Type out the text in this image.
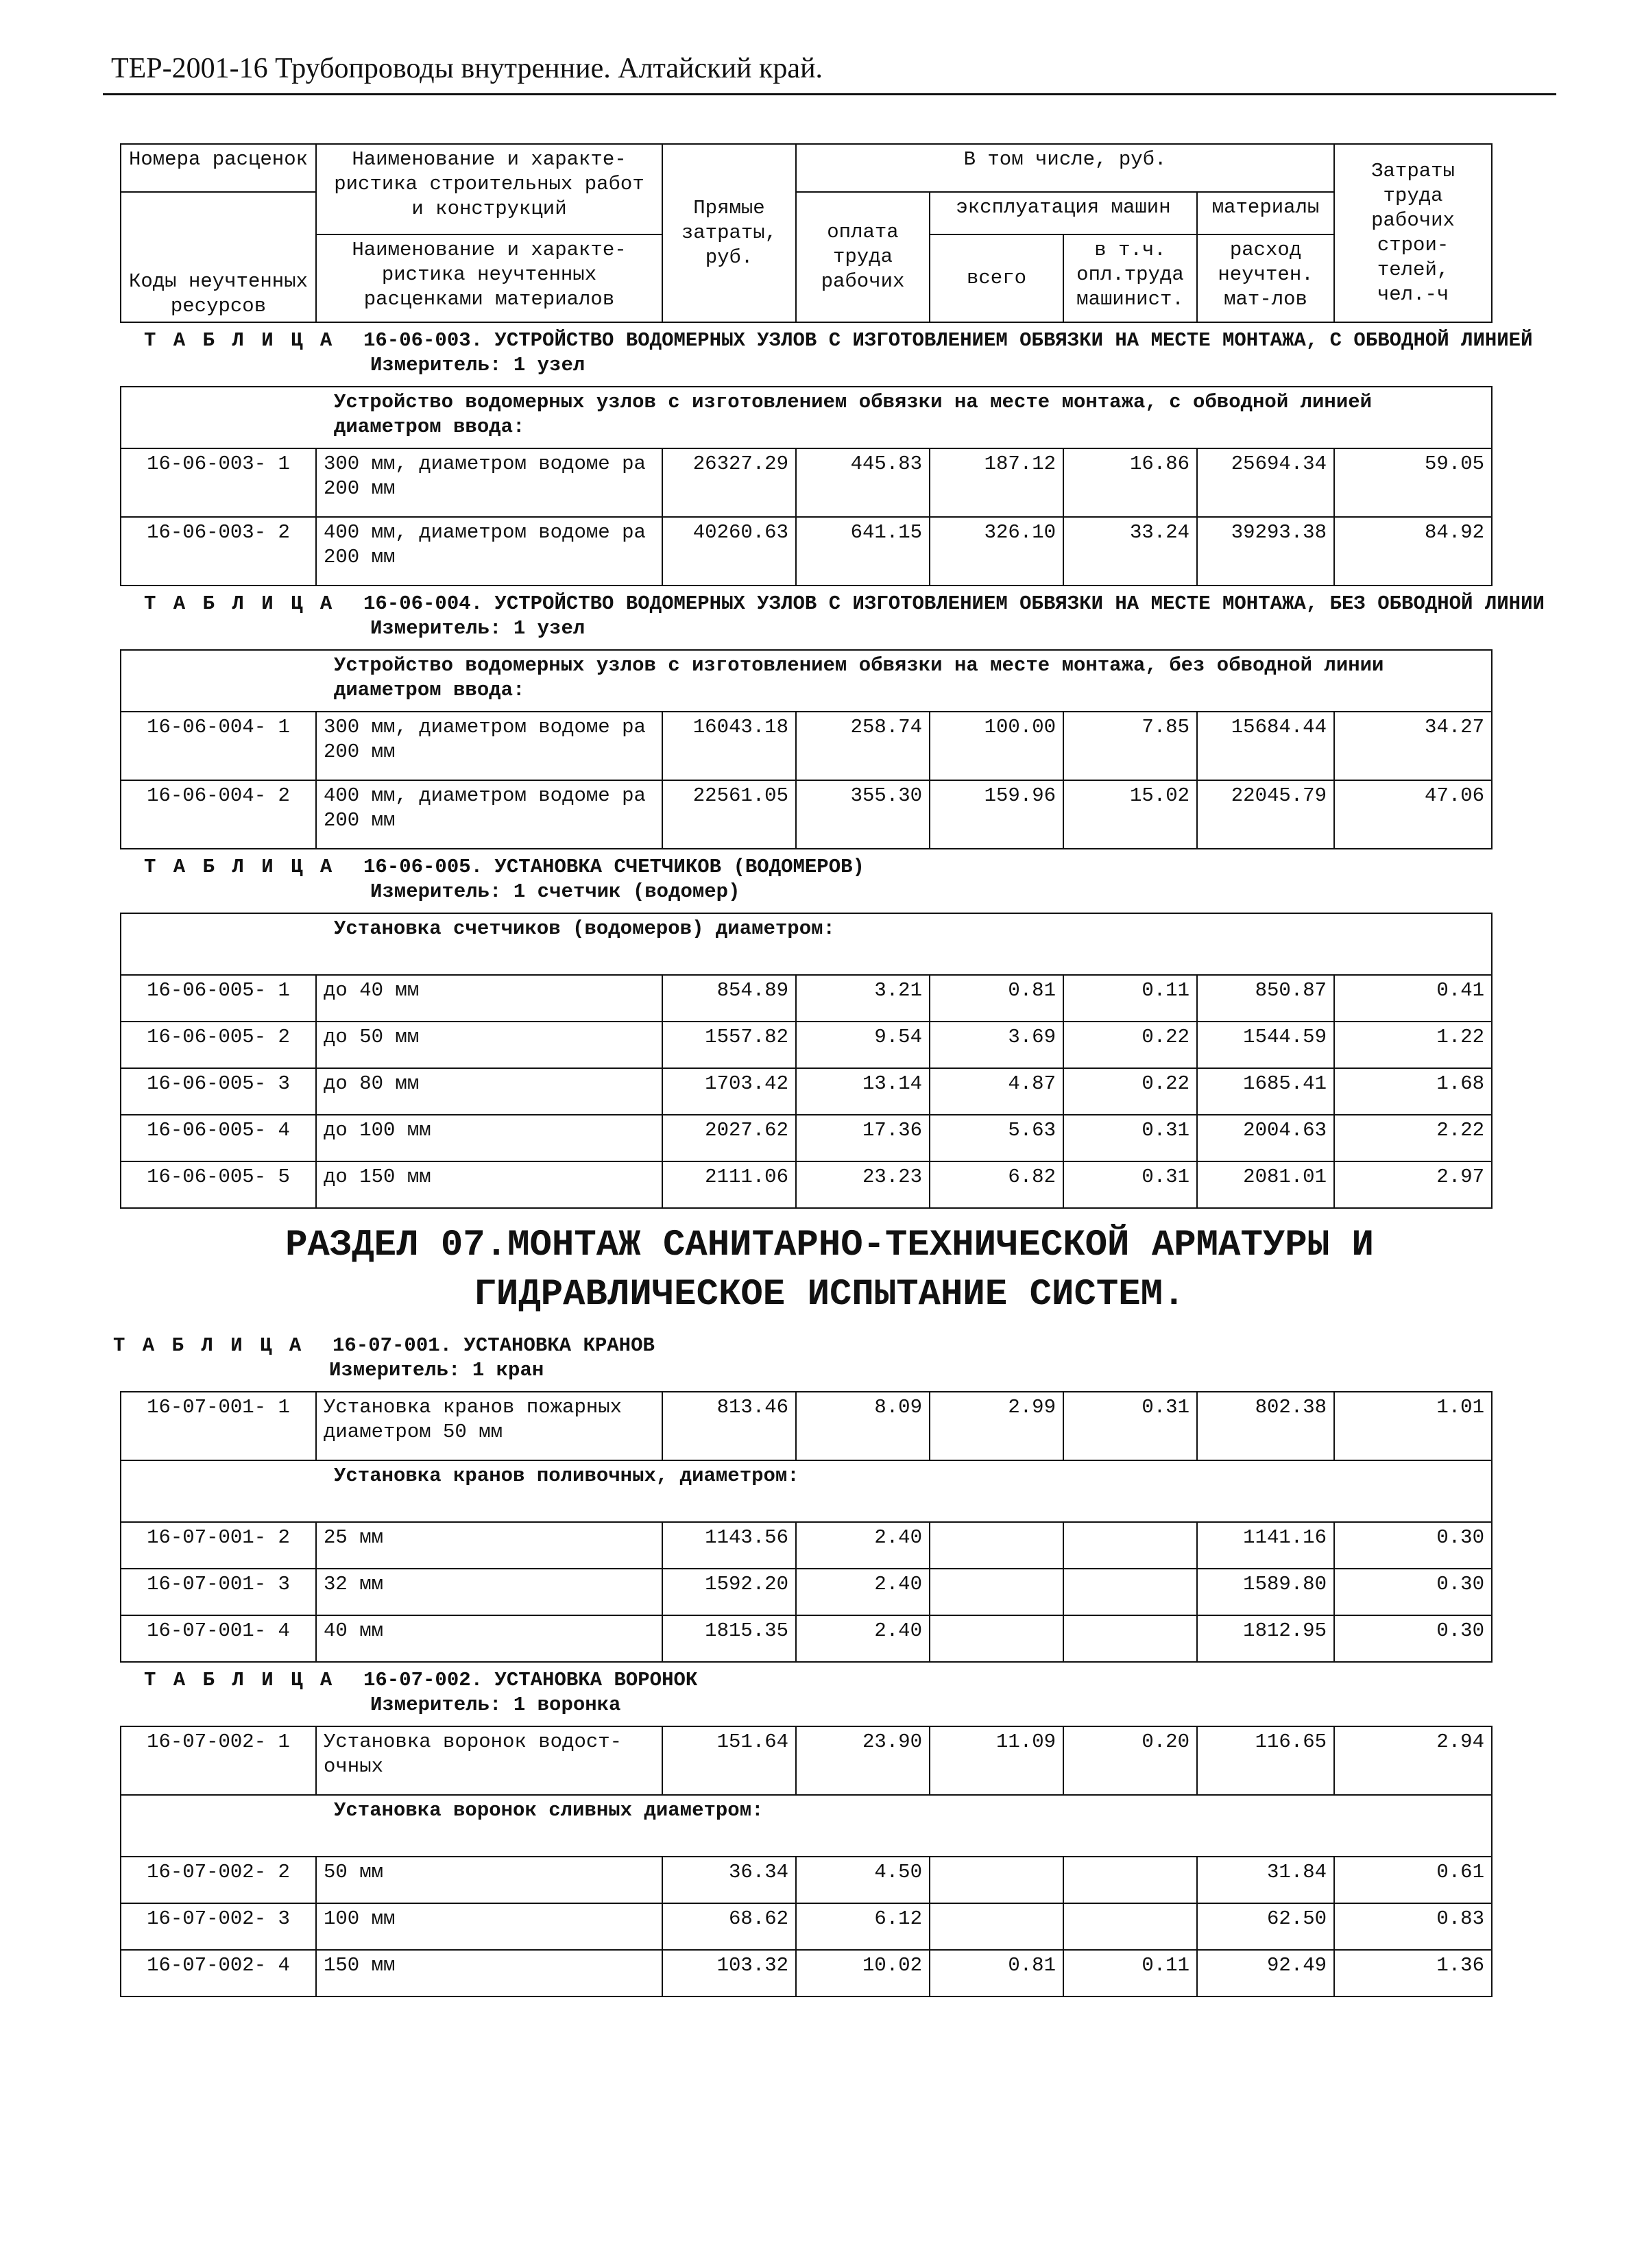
ТЕР-2001-16 Трубопроводы внутренние. Алтайский край.
Номера расценок	Наименование и характе-ристика строительных работ и конструкций	Прямые затраты, руб.	В том числе, руб.				Затраты труда рабочих строи-телей, чел.-ч
Коды неучтенных ресурсов			оплата труда рабочих	эксплуатация машин		материалы	
	Наименование и характе-ристика неучтенных расценками материалов			всего	в т.ч. опл.труда машинист.	расход неучтен. мат-лов	
Т А Б Л И Ц А	16-06-003. УСТРОЙСТВО ВОДОМЕРНЫХ УЗЛОВ С ИЗГОТОВЛЕНИЕМ ОБВЯЗКИ НА МЕСТЕ МОНТАЖА, С ОБВОДНОЙ ЛИНИЕЙ
Измеритель: 1 узел
Устройство водомерных узлов с изготовлением обвязки на месте монтажа, с обводной линией диаметром ввода:							
16-06-003- 1	300 мм, диаметром водоме ра 200 мм	26327.29	445.83	187.12	16.86	25694.34	59.05
16-06-003- 2	400 мм, диаметром водоме ра 200 мм	40260.63	641.15	326.10	33.24	39293.38	84.92
Т А Б Л И Ц А	16-06-004. УСТРОЙСТВО ВОДОМЕРНЫХ УЗЛОВ С ИЗГОТОВЛЕНИЕМ ОБВЯЗКИ НА МЕСТЕ МОНТАЖА, БЕЗ ОБВОДНОЙ ЛИНИИ
Измеритель: 1 узел
Устройство водомерных узлов с изготовлением обвязки на месте монтажа, без обводной линии диаметром ввода:							
16-06-004- 1	300 мм, диаметром водоме ра 200 мм	16043.18	258.74	100.00	7.85	15684.44	34.27
16-06-004- 2	400 мм, диаметром водоме ра 200 мм	22561.05	355.30	159.96	15.02	22045.79	47.06
Т А Б Л И Ц А	16-06-005. УСТАНОВКА СЧЕТЧИКОВ (ВОДОМЕРОВ)
Измеритель: 1 счетчик (водомер)
Установка счетчиков (водомеров) диаметром:							
16-06-005- 1	до 40 мм	854.89	3.21	0.81	0.11	850.87	0.41
16-06-005- 2	до 50 мм	1557.82	9.54	3.69	0.22	1544.59	1.22
16-06-005- 3	до 80 мм	1703.42	13.14	4.87	0.22	1685.41	1.68
16-06-005- 4	до 100 мм	2027.62	17.36	5.63	0.31	2004.63	2.22
16-06-005- 5	до 150 мм	2111.06	23.23	6.82	0.31	2081.01	2.97
РАЗДЕЛ 07.МОНТАЖ САНИТАРНО-ТЕХНИЧЕСКОЙ АРМАТУРЫ И
ГИДРАВЛИЧЕСКОЕ ИСПЫТАНИЕ СИСТЕМ.
Т А Б Л И Ц А	16-07-001. УСТАНОВКА КРАНОВ
Измеритель: 1 кран
16-07-001- 1	Установка кранов пожарных диаметром 50 мм	813.46	8.09	2.99	0.31	802.38	1.01
Установка кранов поливочных, диаметром:							
16-07-001- 2	25 мм	1143.56	2.40			1141.16	0.30
16-07-001- 3	32 мм	1592.20	2.40			1589.80	0.30
16-07-001- 4	40 мм	1815.35	2.40			1812.95	0.30
Т А Б Л И Ц А	16-07-002. УСТАНОВКА ВОРОНОК
Измеритель: 1 воронка
16-07-002- 1	Установка воронок водост-очных	151.64	23.90	11.09	0.20	116.65	2.94
Установка воронок сливных диаметром:							
16-07-002- 2	50 мм	36.34	4.50			31.84	0.61
16-07-002- 3	100 мм	68.62	6.12			62.50	0.83
16-07-002- 4	150 мм	103.32	10.02	0.81	0.11	92.49	1.36
